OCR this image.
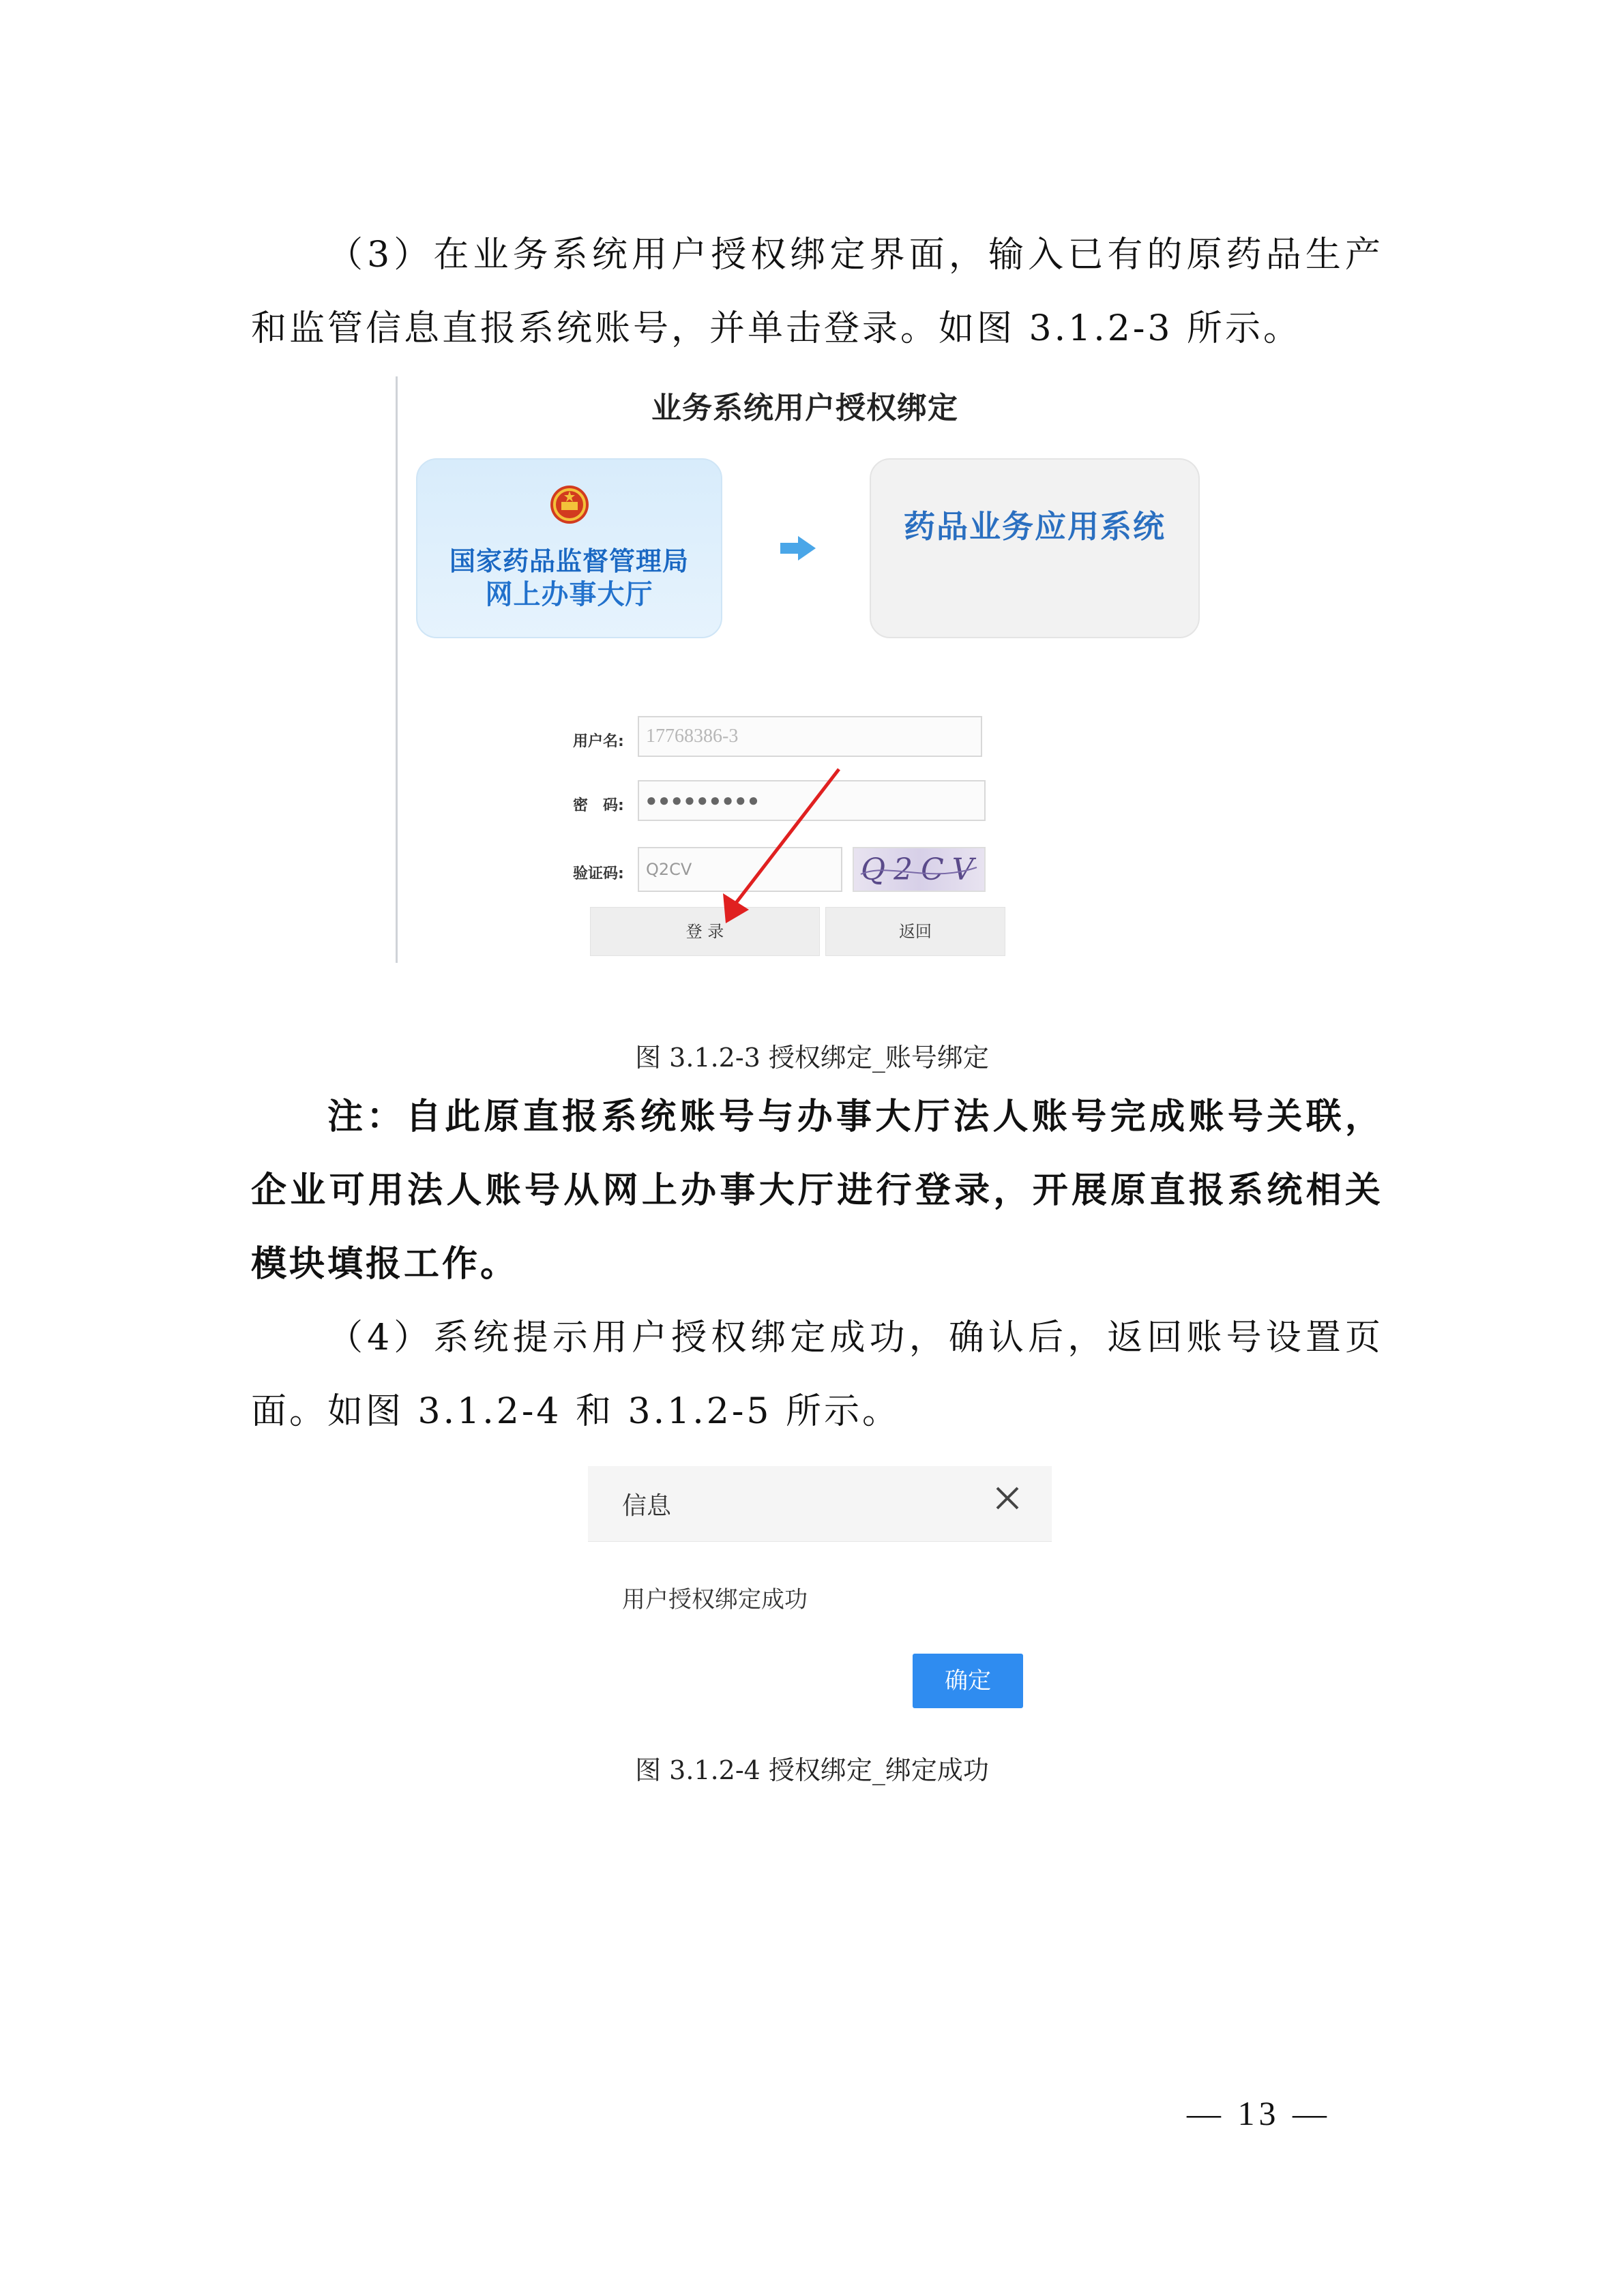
（3）在业务系统用户授权绑定界面，输入已有的原药品生产和监管信息直报系统账号，并单击登录。如图 3.1.2-3 所示。

业务系统用户授权绑定
国家药品监督管理局
网上办事大厅
药品业务应用系统
用户名:	17768386-3
密　码:	●●●●●●●●●
验证码:	Q2CV	Q2CV
登 录	返回
图 3.1.2-3 授权绑定_账号绑定

注：自此原直报系统账号与办事大厅法人账号完成账号关联，企业可用法人账号从网上办事大厅进行登录，开展原直报系统相关模块填报工作。

（4）系统提示用户授权绑定成功，确认后，返回账号设置页面。如图 3.1.2-4 和 3.1.2-5 所示。

信息
用户授权绑定成功
确定
图 3.1.2-4 授权绑定_绑定成功
— 13 —
